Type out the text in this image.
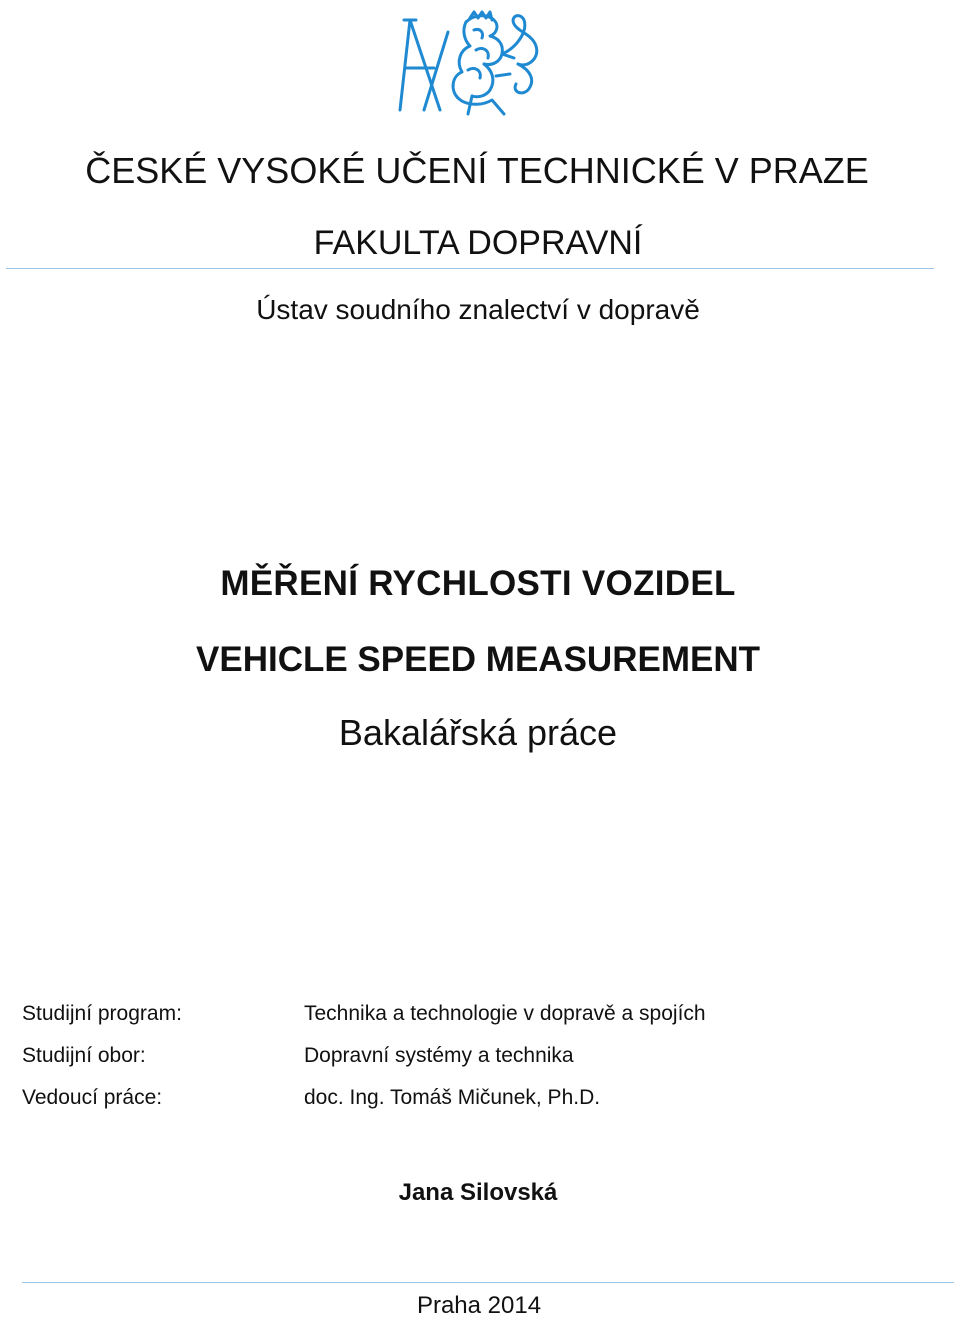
ČESKÉ VYSOKÉ UČENÍ TECHNICKÉ V PRAZE
FAKULTA DOPRAVNÍ
Ústav soudního znalectví v dopravě
MĚŘENÍ RYCHLOSTI VOZIDEL
VEHICLE SPEED MEASUREMENT
Bakalářská práce
Studijní program:	Technika a technologie v dopravě a spojích
Studijní obor:	Dopravní systémy a technika
Vedoucí práce:	doc. Ing. Tomáš Mičunek, Ph.D.
Jana Silovská
Praha 2014
